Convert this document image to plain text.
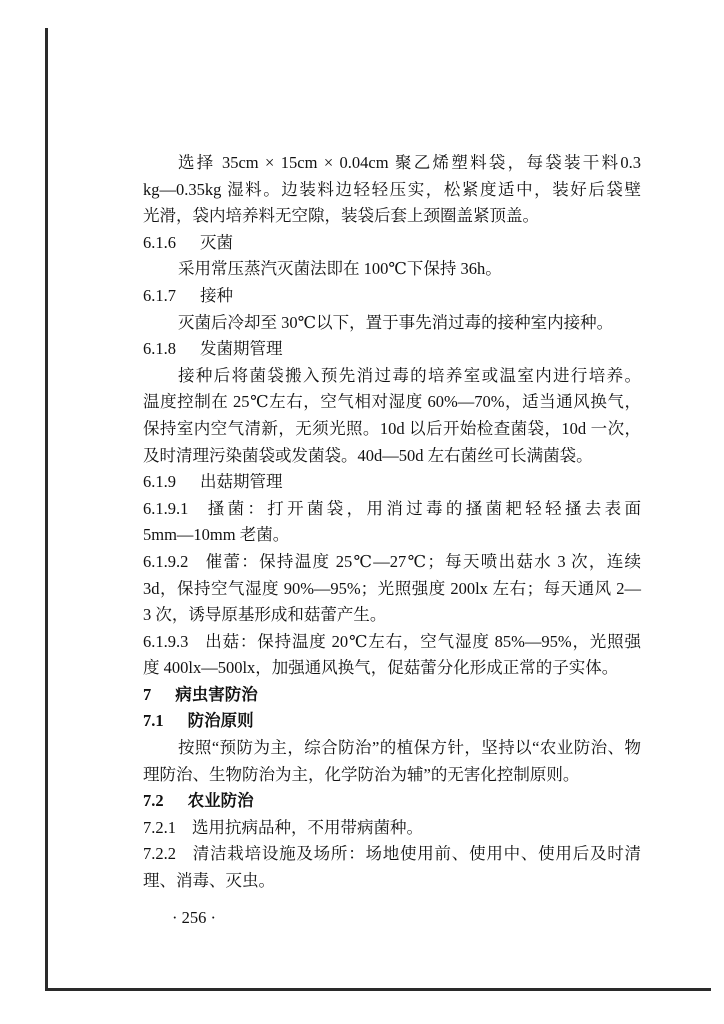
选择 35cm × 15cm × 0.04cm 聚乙烯塑料袋，每袋装干料0.3
kg—0.35kg 湿料。边装料边轻轻压实，松紧度适中，装好后袋壁
光滑，袋内培养料无空隙，装袋后套上颈圈盖紧顶盖。
6.1.6 灭菌
采用常压蒸汽灭菌法即在 100℃下保持 36h。
6.1.7 接种
灭菌后冷却至 30℃以下，置于事先消过毒的接种室内接种。
6.1.8 发菌期管理
接种后将菌袋搬入预先消过毒的培养室或温室内进行培养。
温度控制在 25℃左右，空气相对湿度 60%—70%，适当通风换气，
保持室内空气清新，无须光照。10d 以后开始检查菌袋，10d 一次，
及时清理污染菌袋或发菌袋。40d—50d 左右菌丝可长满菌袋。
6.1.9 出菇期管理
6.1.9.1 搔菌：打开菌袋，用消过毒的搔菌耙轻轻搔去表面
5mm—10mm 老菌。
6.1.9.2 催蕾：保持温度 25℃—27℃；每天喷出菇水 3 次，连续
3d，保持空气湿度 90%—95%；光照强度 200lx 左右；每天通风 2—
3 次，诱导原基形成和菇蕾产生。
6.1.9.3 出菇：保持温度 20℃左右，空气湿度 85%—95%，光照强
度 400lx—500lx，加强通风换气，促菇蕾分化形成正常的子实体。
7 病虫害防治
7.1 防治原则
按照“预防为主，综合防治”的植保方针，坚持以“农业防治、物
理防治、生物防治为主，化学防治为辅”的无害化控制原则。
7.2 农业防治
7.2.1 选用抗病品种，不用带病菌种。
7.2.2 清洁栽培设施及场所：场地使用前、使用中、使用后及时清
理、消毒、灭虫。
· 256 ·
